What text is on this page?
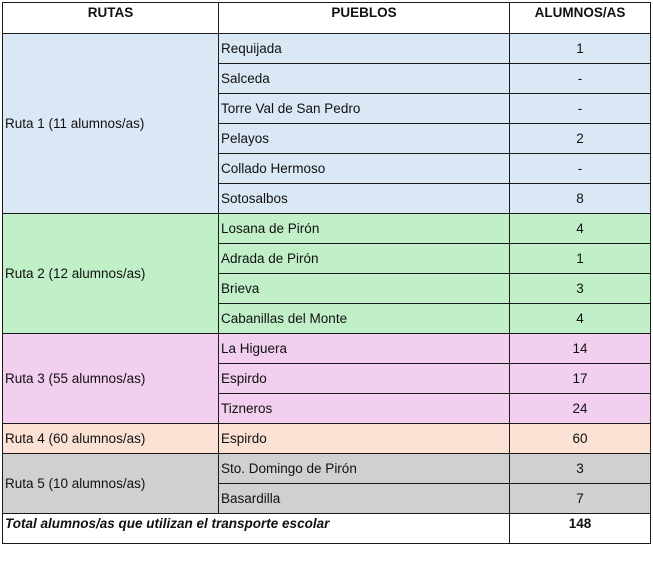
RUTAS	PUEBLOS	ALUMNOS/AS
Ruta 1 (11 alumnos/as)	Requijada	1
	Salceda	-
	Torre Val de San Pedro	-
	Pelayos	2
	Collado Hermoso	-
	Sotosalbos	8
Ruta 2 (12 alumnos/as)	Losana de Pirón	4
	Adrada de Pirón	1
	Brieva	3
	Cabanillas del Monte	4
Ruta 3 (55 alumnos/as)	La Higuera	14
	Espirdo	17
	Tizneros	24
Ruta 4 (60 alumnos/as)	Espirdo	60
Ruta 5 (10 alumnos/as)	Sto. Domingo de Pirón	3
	Basardilla	7
Total alumnos/as que utilizan el transporte escolar		148
